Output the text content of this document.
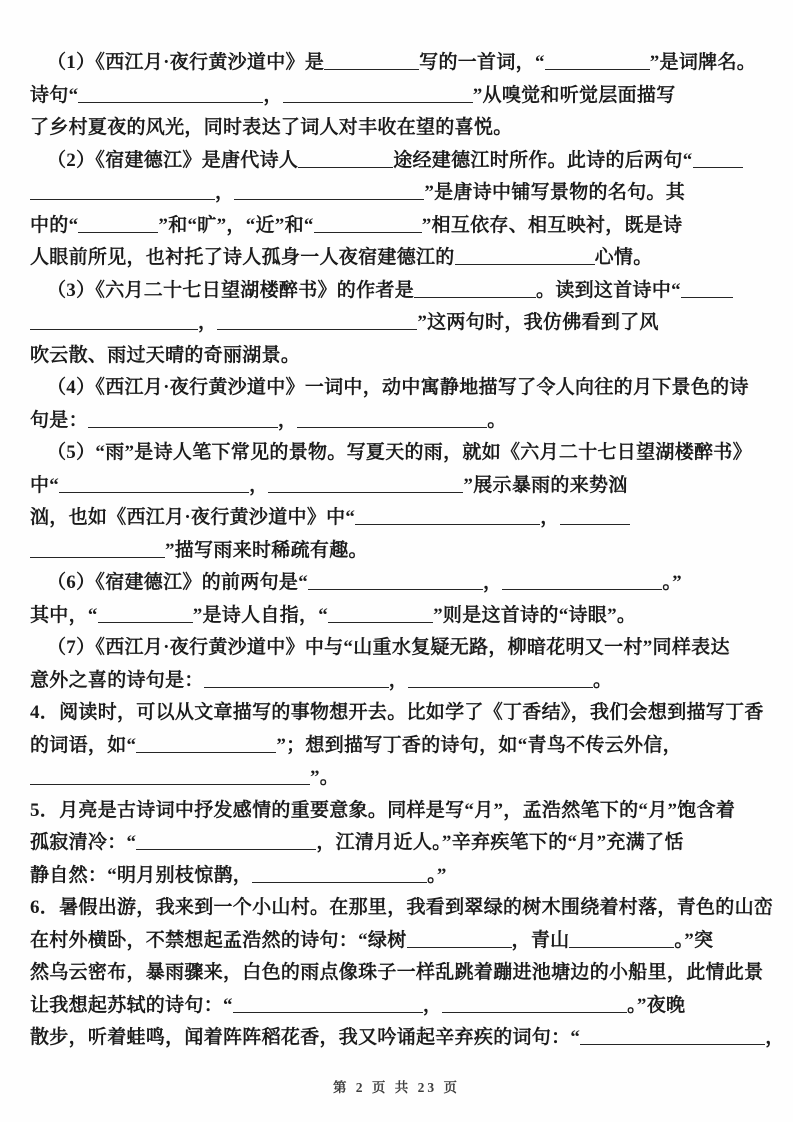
（1）《西江月·夜行黄沙道中》是	写的一首词，“	”是词牌名。
诗句“	，	”从嗅觉和听觉层面描写
了乡村夏夜的风光，同时表达了词人对丰收在望的喜悦。
（2）《宿建德江》是唐代诗人	途经建德江时所作。此诗的后两句“
，	”是唐诗中铺写景物的名句。其
中的“	”和“旷”，“近”和“	”相互依存、相互映衬，既是诗
人眼前所见，也衬托了诗人孤身一人夜宿建德江的	心情。
（3）《六月二十七日望湖楼醉书》的作者是	。读到这首诗中“
，	”这两句时，我仿佛看到了风
吹云散、雨过天晴的奇丽湖景。
（4）《西江月·夜行黄沙道中》一词中，动中寓静地描写了令人向往的月下景色的诗
句是：	，	。
（5）“雨”是诗人笔下常见的景物。写夏天的雨，就如《六月二十七日望湖楼醉书》
中“	，	”展示暴雨的来势汹
汹，也如《西江月·夜行黄沙道中》中“	，
”描写雨来时稀疏有趣。
（6）《宿建德江》的前两句是“	，	。”
其中，“	”是诗人自指，“	”则是这首诗的“诗眼”。
（7）《西江月·夜行黄沙道中》中与“山重水复疑无路，柳暗花明又一村”同样表达
意外之喜的诗句是：	，	。
4．阅读时，可以从文章描写的事物想开去。比如学了《丁香结》，我们会想到描写丁香
的词语，如“	”；想到描写丁香的诗句，如“青鸟不传云外信，
”。
5．月亮是古诗词中抒发感情的重要意象。同样是写“月”，孟浩然笔下的“月”饱含着
孤寂清冷：“	，江清月近人。”辛弃疾笔下的“月”充满了恬
静自然：“明月别枝惊鹊，	。”
6．暑假出游，我来到一个小山村。在那里，我看到翠绿的树木围绕着村落，青色的山峦
在村外横卧，不禁想起孟浩然的诗句：“绿树	，青山	。”突
然乌云密布，暴雨骤来，白色的雨点像珠子一样乱跳着蹦进池塘边的小船里，此情此景
让我想起苏轼的诗句：“	，	。”夜晚
散步，听着蛙鸣，闻着阵阵稻花香，我又吟诵起辛弃疾的词句：“	，
第 2 页 共 23 页
